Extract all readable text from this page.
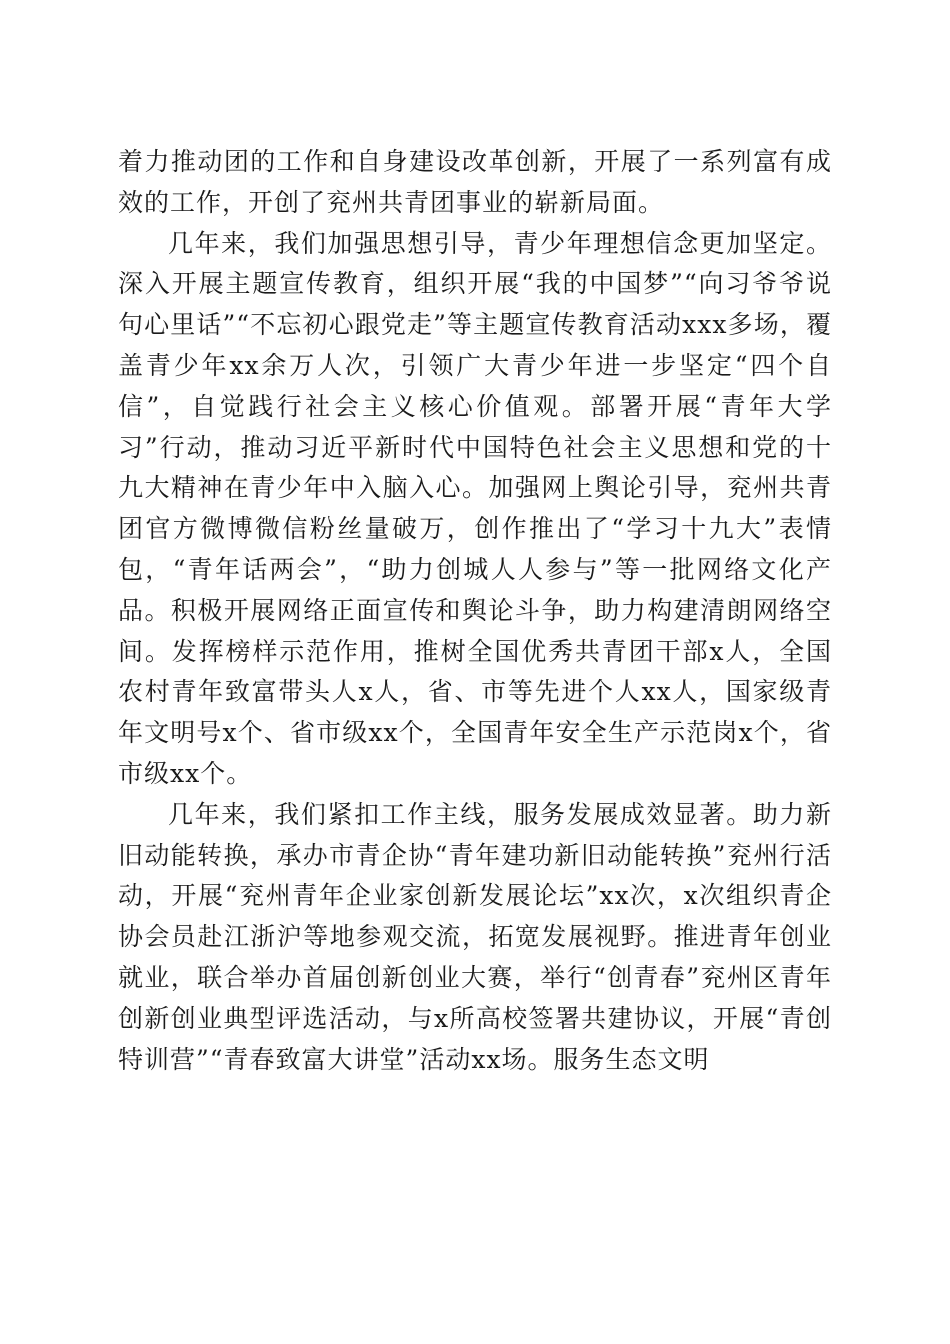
着力推动团的工作和自身建设改革创新，开展了一系列富有成效的工作，开创了兖州共青团事业的崭新局面。

几年来，我们加强思想引导，青少年理想信念更加坚定。深入开展主题宣传教育，组织开展“我的中国梦”“向习爷爷说句心里话”“不忘初心跟党走”等主题宣传教育活动xxx多场，覆盖青少年xx余万人次，引领广大青少年进一步坚定“四个自信”，自觉践行社会主义核心价值观。部署开展“青年大学习”行动，推动习近平新时代中国特色社会主义思想和党的十九大精神在青少年中入脑入心。加强网上舆论引导，兖州共青团官方微博微信粉丝量破万，创作推出了“学习十九大”表情包，“青年话两会”，“助力创城人人参与”等一批网络文化产品。积极开展网络正面宣传和舆论斗争，助力构建清朗网络空间。发挥榜样示范作用，推树全国优秀共青团干部x人，全国农村青年致富带头人x人，省、市等先进个人xx人，国家级青年文明号x个、省市级xx个，全国青年安全生产示范岗x个，省市级xx个。

几年来，我们紧扣工作主线，服务发展成效显著。助力新旧动能转换，承办市青企协“青年建功新旧动能转换”兖州行活动，开展“兖州青年企业家创新发展论坛”xx次，x次组织青企协会员赴江浙沪等地参观交流，拓宽发展视野。推进青年创业就业，联合举办首届创新创业大赛，举行“创青春”兖州区青年创新创业典型评选活动，与x所高校签署共建协议，开展“青创特训营”“青春致富大讲堂”活动xx场。服务生态文明
